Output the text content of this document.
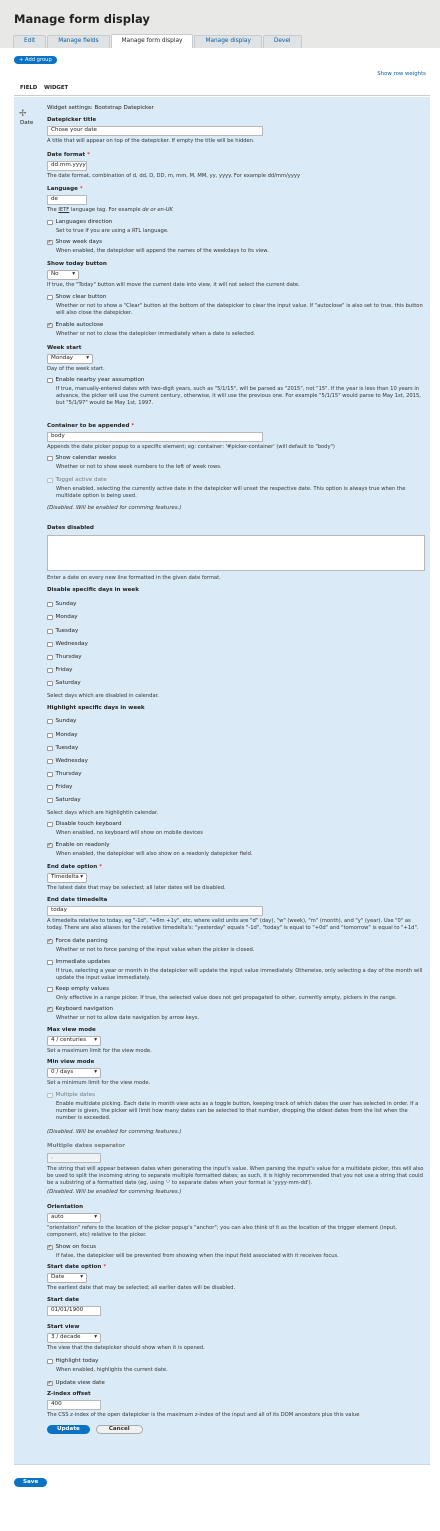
Manage form display
Edit	Manage fields	Manage form display	Manage display	Devel
+ Add group
Show row weights
FIELD	WIDGET
✢
Date
Widget settings: Bootstrap Datepicker
Datepicker title
Chose your date
A title that will appear on top of the datepicker. If empty the title will be hidden.
Date format *
dd.mm.yyyy
The date format, combination of d, dd, D, DD, m, mm, M, MM, yy, yyyy. For example dd/mm/yyyy
Language *
de
The IETF language tag. For example de or en-UK
Languages direction
Set to true if you are using a RTL language.
✓ Show week days
When enabled, the datepicker will append the names of the weekdays to its view.
Show today button
No ▾
If true, the "Today" button will move the current date into view, it will not select the current date.
Show clear button
Whether or not to show a "Clear" button at the bottom of the datepicker to clear the input value. If "autoclose" is also set to true, this button will also close the datepicker.
✓ Enable autoclose
Whether or not to close the datepicker immediately when a date is selected.
Week start
Monday ▾
Day of the week start.
Enable nearby year assumption
If true, manually-entered dates with two-digit years, such as "5/1/15", will be parsed as "2015", not "15". If the year is less than 10 years in advance, the picker will use the current century, otherwise, it will use the previous one. For example "5/1/15" would parse to May 1st, 2015, but "5/1/97" would be May 1st, 1997.
Container to be appended *
body
Appends the date picker popup to a specific element; eg: container: '#picker-container' (will default to "body")
Show calendar weeks
Whether or not to show week numbers to the left of week rows.
Toggel active date
When enabled, selecting the currently active date in the datepicker will unset the respective date. This option is always true when the multidate option is being used.
(Disabled. Will be enabled for comming features.)
Dates disabled
Enter a date on every new line formatted in the given date format.
Disable specific days in week
Sunday
Monday
Tuesday
Wednesday
Thursday
Friday
Saturday
Select days which are disabled in calendar.
Highlight specific days in week
Sunday
Monday
Tuesday
Wednesday
Thursday
Friday
Saturday
Select days which are highlightin calendar.
Disable touch keyboard
When enabled, no keyboard will show on mobile devices
✓ Enable on readonly
When enabled, the datepicker will also show on a readonly datepicker field.
End date option *
Timedelta ▾
The latest date that may be selected; all later dates will be disabled.
End date timedelta
today
A timedelta relative to today, eg "-1d", "+6m +1y", etc, where valid units are "d" (day), "w" (week), "m" (month), and "y" (year). Use "0" as today. There are also aliases for the relative timedelta's: "yesterday" equals "-1d", "today" is equal to "+0d" and "tomorrow" is equal to "+1d".
✓ Force date parcing
Whether or not to force parsing of the input value when the picker is closed.
Immediate updates
If true, selecting a year or month in the datepicker will update the input value immediately. Otherwise, only selecting a day of the month will update the input value immediately.
Keep empty values
Only effective in a range picker. If true, the selected value does not get propagated to other, currently empty, pickers in the range.
✓ Keyboard navigation
Whether or not to allow date navigation by arrow keys.
Max view mode
4 / centuries ▾
Set a maximum limit for the view mode.
Min view mode
0 / days	▾
Set a minimum limit for the view mode.
Multiple dates
Enable multidate picking. Each date in month view acts as a toggle button, keeping track of which dates the user has selected in order. If a number is given, the picker will limit how many dates can be selected to that number, dropping the oldest dates from the list when the number is exceeded.
(Disabled. Will be enabled for comming features.)
Multiple dates separator
,
The string that will appear between dates when generating the input's value. When parsing the input's value for a multidate picker, this will also be used to split the incoming string to separate multiple formatted dates; as such, it is highly recommended that you not use a string that could be a substring of a formatted date (eg, using '-' to separate dates when your format is 'yyyy-mm-dd').
(Disabled. Will be enabled for comming features.)
Orientation
auto	▾
"orientation" refers to the location of the picker popup's "anchor"; you can also think of it as the location of the trigger element (input, component, etc) relative to the picker.
✓ Show on focus
If false, the datepicker will be prevented from showing when the input field associated with it receives focus.
Start date option *
Date	▾
The earliest date that may be selected; all earlier dates will be disabled.
Start date
01/01/1900
Start view
3 / decade ▾
The view that the datepicker should show when it is opened.
Highlight today
When enabled, highlights the current date.
✓ Update view date
Z-index offset
400
The CSS z-index of the open datepicker is the maximum z-index of the input and all of its DOM ancestors plus this value
Update	Cancel
Save
